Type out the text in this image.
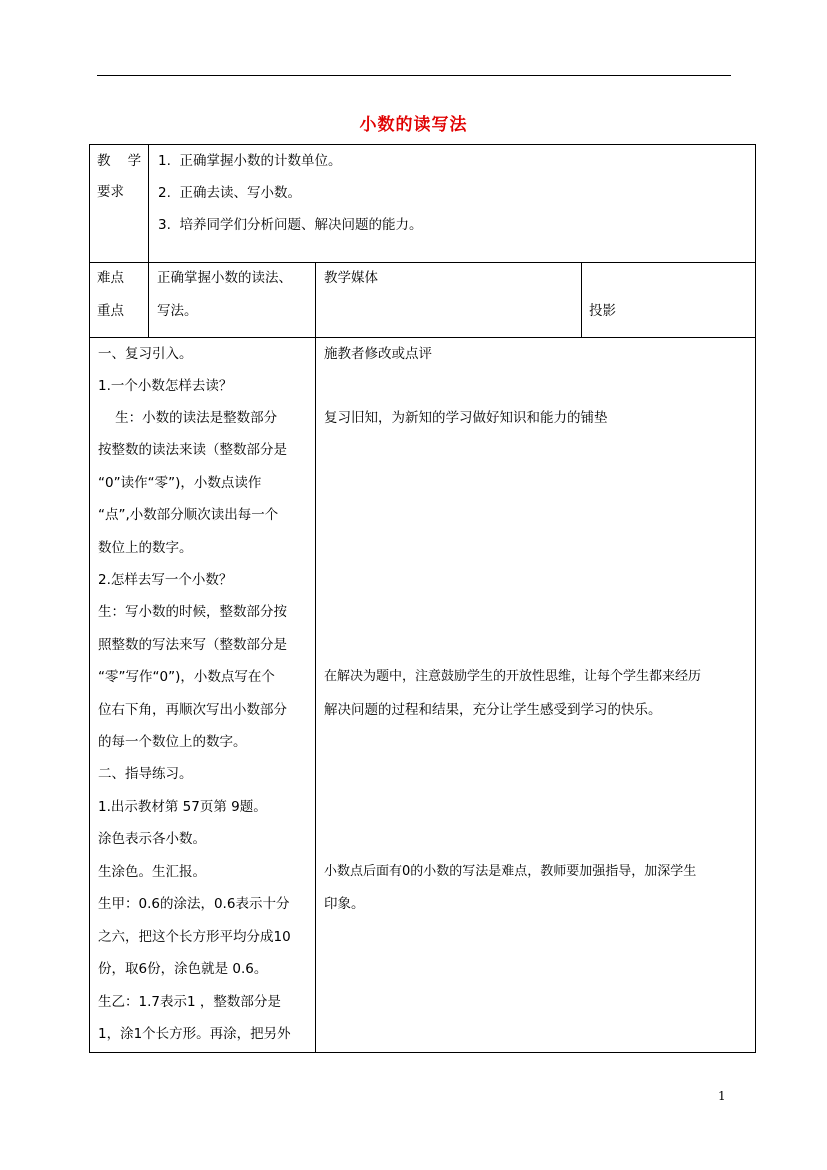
小数的读写法
教    学
要求
1.  正确掌握小数的计数单位。
2.  正确去读、写小数。
3.  培养同学们分析问题、解决问题的能力。
难点
重点
正确掌握小数的读法、
写法。
教学媒体
投影
一、复习引入。
1.一个小数怎样去读？
生：小数的读法是整数部分
按整数的读法来读（整数部分是
“0”读作“零”)，小数点读作
“点”,小数部分顺次读出每一个
数位上的数字。
2.怎样去写一个小数？
生：写小数的时候，整数部分按
照整数的写法来写（整数部分是
“零”写作“0”)，小数点写在个
位右下角，再顺次写出小数部分
的每一个数位上的数字。
二、指导练习。
1.出示教材第 57页第 9题。
涂色表示各小数。
生涂色。生汇报。
生甲：0.6的涂法，0.6表示十分
之六，把这个长方形平均分成10
份，取6份，涂色就是 0.6。
生乙：1.7表示1 ，整数部分是
1，涂1个长方形。再涂，把另外
施教者修改或点评
复习旧知，为新知的学习做好知识和能力的铺垫
在解决为题中，注意鼓励学生的开放性思维，让每个学生都来经历
解决问题的过程和结果，充分让学生感受到学习的快乐。
小数点后面有0的小数的写法是难点，教师要加强指导，加深学生
印象。
1
